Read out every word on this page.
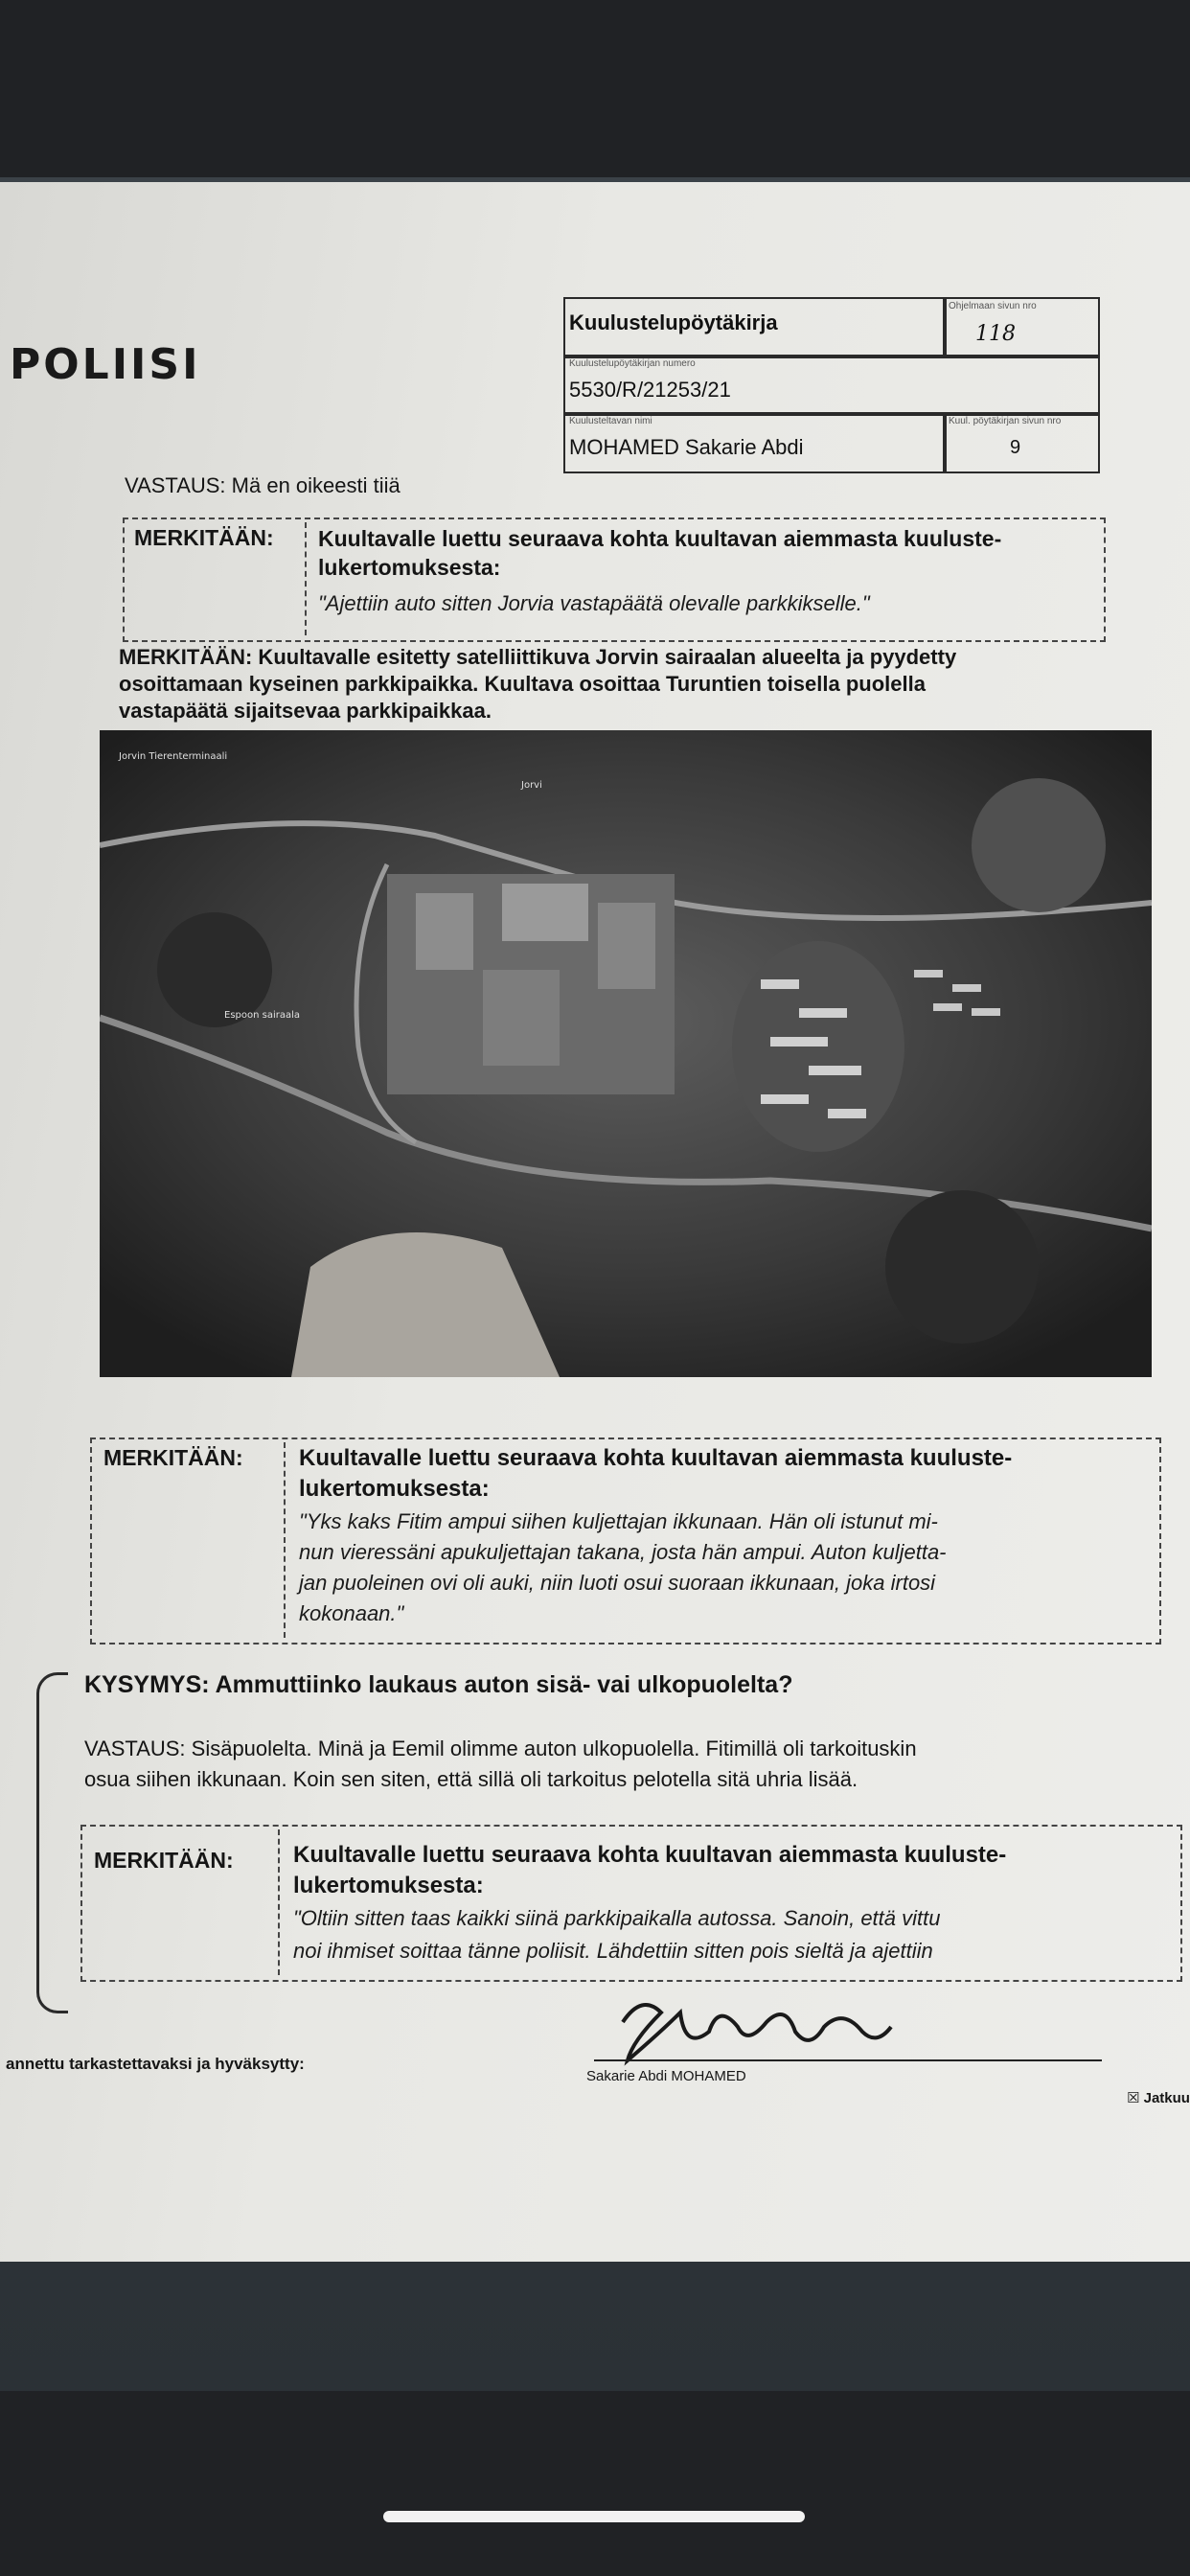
POLIISI
Kuulustelupöytäkirja
Ohjelmaan sivun nro
118
Kuulustelupöytäkirjan numero
5530/R/21253/21
Kuulusteltavan nimi
MOHAMED Sakarie Abdi
Kuul. pöytäkirjan sivun nro
9
VASTAUS: Mä en oikeesti tiiä
MERKITÄÄN: Kuultavalle luettu seuraava kohta kuultavan aiemmasta kuuluste-
lukertomuksesta:
"Ajettiin auto sitten Jorvia vastapäätä olevalle parkkikselle."
MERKITÄÄN: Kuultavalle esitetty satelliittikuva Jorvin sairaalan alueelta ja pyydetty
osoittamaan kyseinen parkkipaikka. Kuultava osoittaa Turuntien toisella puolella
vastapäätä sijaitsevaa parkkipaikkaa.
Jorvin Tierenterminaali
Jorvi
Espoon sairaala
MERKITÄÄN: Kuultavalle luettu seuraava kohta kuultavan aiemmasta kuuluste-
lukertomuksesta:
"Yks kaks Fitim ampui siihen kuljettajan ikkunaan. Hän oli istunut mi-
nun vieressäni apukuljettajan takana, josta hän ampui. Auton kuljetta-
jan puoleinen ovi oli auki, niin luoti osui suoraan ikkunaan, joka irtosi
kokonaan."
KYSYMYS: Ammuttiinko laukaus auton sisä- vai ulkopuolelta?
VASTAUS: Sisäpuolelta. Minä ja Eemil olimme auton ulkopuolella. Fitimillä oli tarkoituskin
osua siihen ikkunaan. Koin sen siten, että sillä oli tarkoitus pelotella sitä uhria lisää.
MERKITÄÄN:	Kuultavalle luettu seuraava kohta kuultavan aiemmasta kuuluste-
lukertomuksesta:
"Oltiin sitten taas kaikki siinä parkkipaikalla autossa. Sanoin, että vittu
noi ihmiset soittaa tänne poliisit. Lähdettiin sitten pois sieltä ja ajettiin
annettu tarkastettavaksi ja hyväksytty:
Sakarie Abdi MOHAMED
☒ Jatkuu
